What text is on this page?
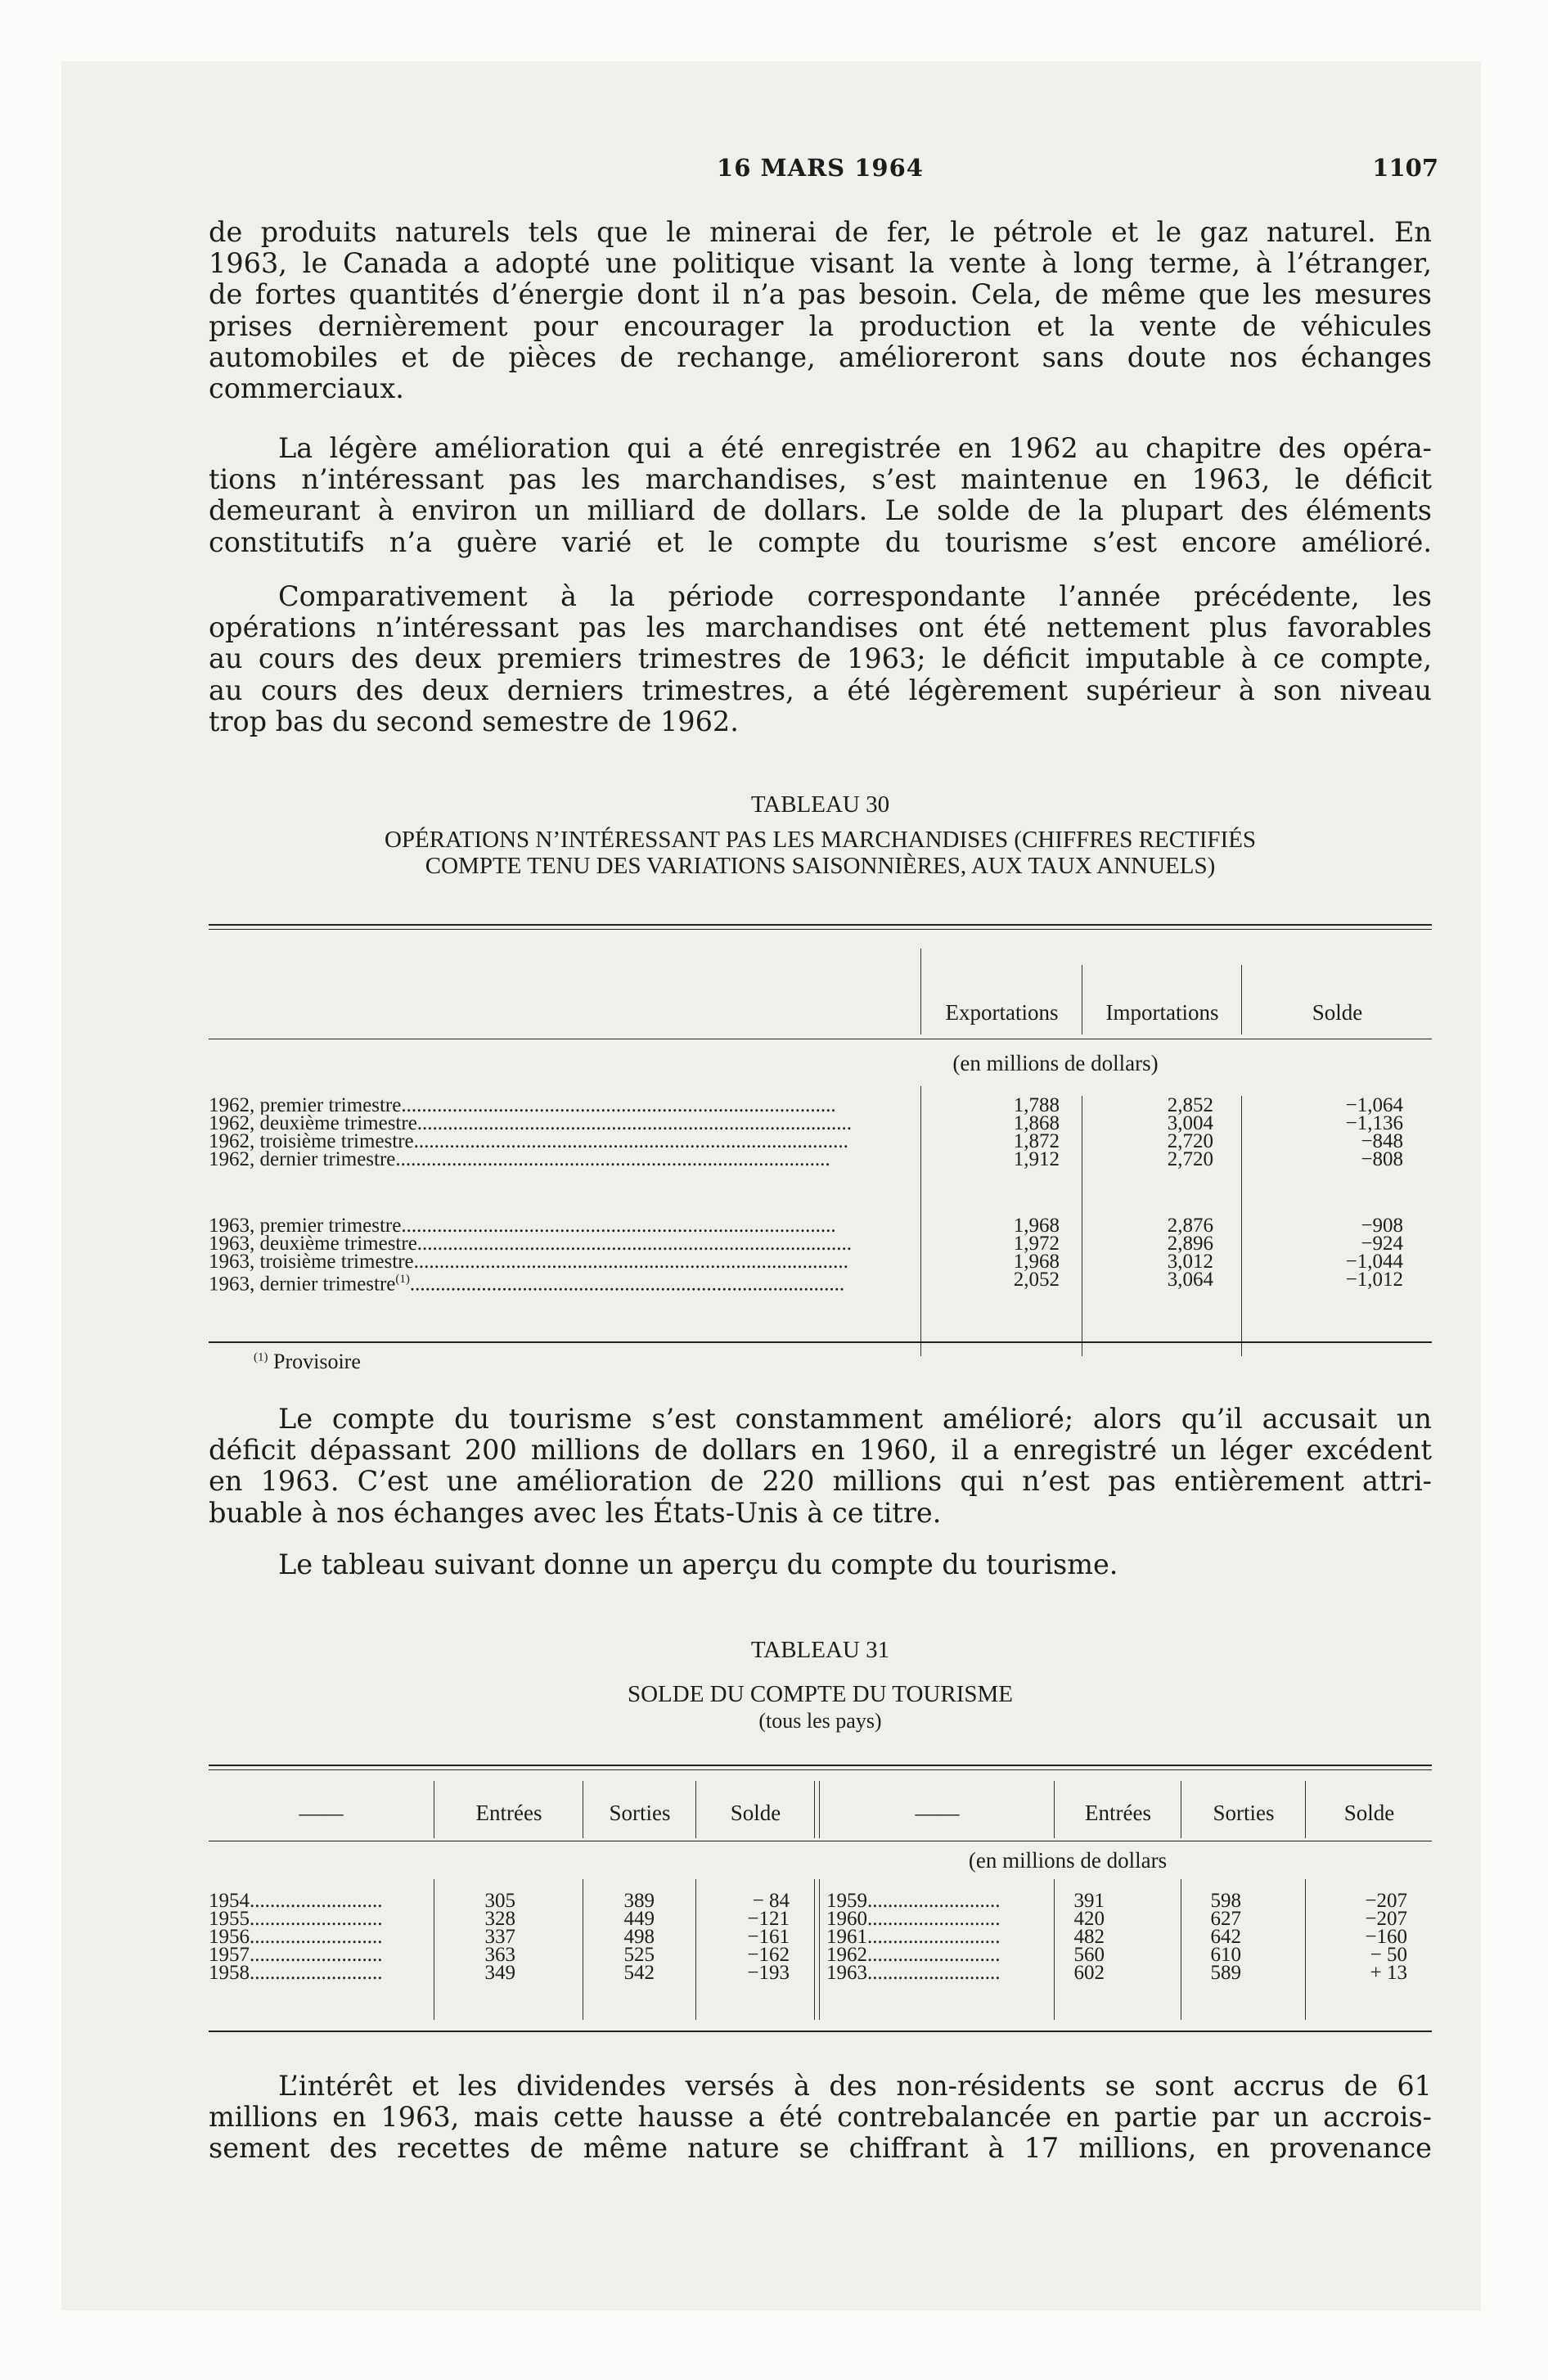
16 MARS 1964	1107
de produits naturels tels que le minerai de fer, le pétrole et le gaz naturel. En
1963, le Canada a adopté une politique visant la vente à long terme, à l’étranger,
de fortes quantités d’énergie dont il n’a pas besoin. Cela, de même que les mesures
prises dernièrement pour encourager la production et la vente de véhicules
automobiles et de pièces de rechange, amélioreront sans doute nos échanges
commerciaux.
La légère amélioration qui a été enregistrée en 1962 au chapitre des opéra-
tions n’intéressant pas les marchandises, s’est maintenue en 1963, le déficit
demeurant à environ un milliard de dollars. Le solde de la plupart des éléments
constitutifs n’a guère varié et le compte du tourisme s’est encore amélioré.
Comparativement à la période correspondante l’année précédente, les
opérations n’intéressant pas les marchandises ont été nettement plus favorables
au cours des deux premiers trimestres de 1963; le déficit imputable à ce compte,
au cours des deux derniers trimestres, a été légèrement supérieur à son niveau
trop bas du second semestre de 1962.
TABLEAU 30
OPÉRATIONS N’INTÉRESSANT PAS LES MARCHANDISES (CHIFFRES RECTIFIÉS
COMPTE TENU DES VARIATIONS SAISONNIÈRES, AUX TAUX ANNUELS)
Exportations	Importations	Solde
(en millions de dollars)
1962, premier trimestre.....................................................................................	1,788	2,852	−1,064
1962, deuxième trimestre.....................................................................................	1,868	3,004	−1,136
1962, troisième trimestre.....................................................................................	1,872	2,720	−848
1962, dernier trimestre.....................................................................................	1,912	2,720	−808
1963, premier trimestre.....................................................................................	1,968	2,876	−908
1963, deuxième trimestre.....................................................................................	1,972	2,896	−924
1963, troisième trimestre.....................................................................................	1,968	3,012	−1,044
1963, dernier trimestre$^{(1)}$.....................................................................................	2,052	3,064	−1,012
$^{(1)}$ Provisoire
Le compte du tourisme s’est constamment amélioré; alors qu’il accusait un
déficit dépassant 200 millions de dollars en 1960, il a enregistré un léger excédent
en 1963. C’est une amélioration de 220 millions qui n’est pas entièrement attri-
buable à nos échanges avec les États-Unis à ce titre.
Le tableau suivant donne un aperçu du compte du tourisme.
TABLEAU 31
SOLDE DU COMPTE DU TOURISME
(tous les pays)
——	Entrées	Sorties	Solde	——	Entrées	Sorties	Solde
(en millions de dollars
1954..........................	305	389	− 84 1959..........................	391	598	−207
1955..........................	328	449	−121 1960..........................	420	627	−207
1956..........................	337	498	−161 1961..........................	482	642	−160
1957..........................	363	525	−162 1962..........................	560	610	− 50
1958..........................	349	542	−193 1963..........................	602	589	+ 13
L’intérêt et les dividendes versés à des non-résidents se sont accrus de 61
millions en 1963, mais cette hausse a été contrebalancée en partie par un accrois-
sement des recettes de même nature se chiffrant à 17 millions, en provenance
